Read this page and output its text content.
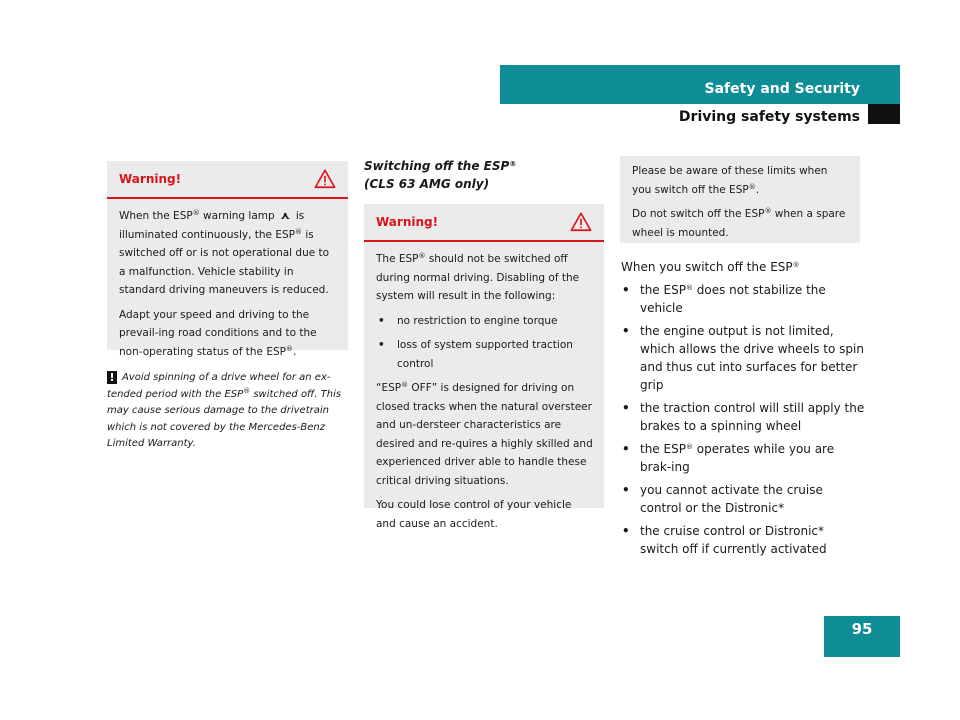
Safety and Security
Driving safety systems
Warning!

When the ESP® warning lamp ⋏ is illuminated continuously, the ESP® is switched off or is not operational due to a malfunction. Vehicle stability in standard driving maneuvers is reduced.

Adapt your speed and driving to the prevail-ing road conditions and to the non-operating status of the ESP®.

! Avoid spinning of a drive wheel for an ex-tended period with the ESP® switched off. This may cause serious damage to the drivetrain which is not covered by the Mercedes-Benz Limited Warranty.
Switching off the ESP®
(CLS 63 AMG only)
Warning!

The ESP® should not be switched off during normal driving. Disabling of the system will result in the following:

• no restriction to engine torque
• loss of system supported traction control

“ESP® OFF” is designed for driving on closed tracks when the natural oversteer and un-dersteer characteristics are desired and re-quires a highly skilled and experienced driver able to handle these critical driving situations.

You could lose control of your vehicle and cause an accident.

Please be aware of these limits when you switch off the ESP®.

Do not switch off the ESP® when a spare wheel is mounted.

When you switch off the ESP®
• the ESP® does not stabilize the vehicle
• the engine output is not limited, which allows the drive wheels to spin and thus cut into surfaces for better grip
• the traction control will still apply the brakes to a spinning wheel
• the ESP® operates while you are brak-ing
• you cannot activate the cruise control or the Distronic*
• the cruise control or Distronic* switch off if currently activated
95
